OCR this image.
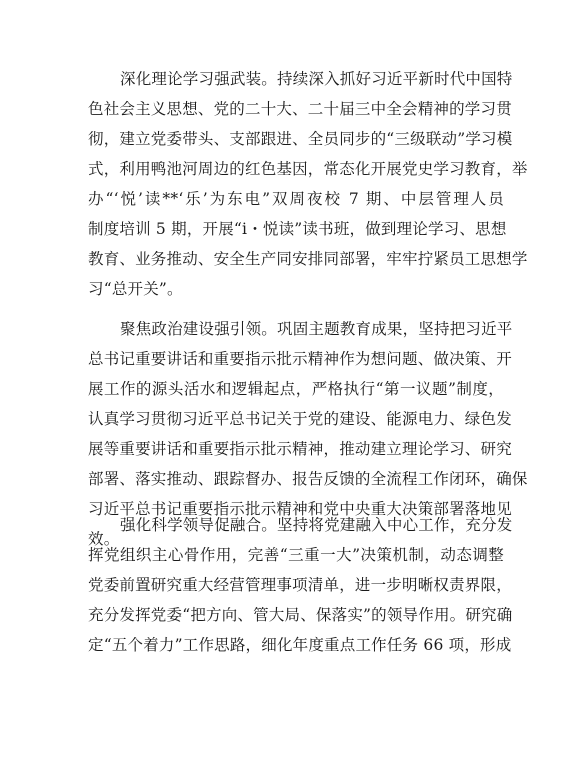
深化理论学习强武装。持续深入抓好习近平新时代中国特
色社会主义思想、党的二十大、二十届三中全会精神的学习贯
彻，建立党委带头、支部跟进、全员同步的“三级联动”学习模
式，利用鸭池河周边的红色基因，常态化开展党史学习教育，举
办“‘悦’读**‘乐’为东电”双周夜校 7 期、中层管理人员
制度培训 5 期，开展“i・悦读”读书班，做到理论学习、思想
教育、业务推动、安全生产同安排同部署，牢牢拧紧员工思想学
习“总开关”。
聚焦政治建设强引领。巩固主题教育成果，坚持把习近平
总书记重要讲话和重要指示批示精神作为想问题、做决策、开
展工作的源头活水和逻辑起点，严格执行“第一议题”制度，
认真学习贯彻习近平总书记关于党的建设、能源电力、绿色发
展等重要讲话和重要指示批示精神，推动建立理论学习、研究
部署、落实推动、跟踪督办、报告反馈的全流程工作闭环，确保
习近平总书记重要指示批示精神和党中央重大决策部署落地见
效。
强化科学领导促融合。坚持将党建融入中心工作，充分发
挥党组织主心骨作用，完善“三重一大”决策机制，动态调整
党委前置研究重大经营管理事项清单，进一步明晰权责界限，
充分发挥党委“把方向、管大局、保落实”的领导作用。研究确
定“五个着力”工作思路，细化年度重点工作任务 66 项，形成
